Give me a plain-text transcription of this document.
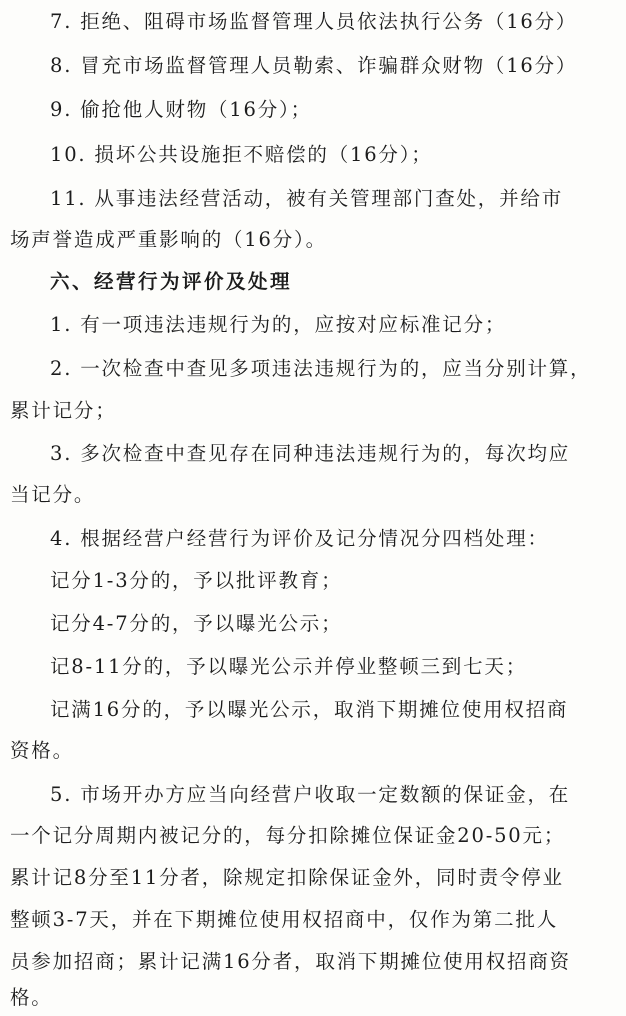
7. 拒绝、阻碍市场监督管理人员依法执行公务（16分）
8. 冒充市场监督管理人员勒索、诈骗群众财物（16分）
9. 偷抢他人财物（16分）；
10. 损坏公共设施拒不赔偿的（16分）；
11. 从事违法经营活动，被有关管理部门查处，并给市
场声誉造成严重影响的（16分）。
六、经营行为评价及处理
1. 有一项违法违规行为的，应按对应标准记分；
2. 一次检查中查见多项违法违规行为的，应当分别计算，
累计记分；
3. 多次检查中查见存在同种违法违规行为的，每次均应
当记分。
4. 根据经营户经营行为评价及记分情况分四档处理：
记分1-3分的，予以批评教育；
记分4-7分的，予以曝光公示；
记8-11分的，予以曝光公示并停业整顿三到七天；
记满16分的，予以曝光公示，取消下期摊位使用权招商
资格。
5. 市场开办方应当向经营户收取一定数额的保证金，在
一个记分周期内被记分的，每分扣除摊位保证金20-50元；
累计记8分至11分者，除规定扣除保证金外，同时责令停业
整顿3-7天，并在下期摊位使用权招商中，仅作为第二批人
员参加招商；累计记满16分者，取消下期摊位使用权招商资
格。
